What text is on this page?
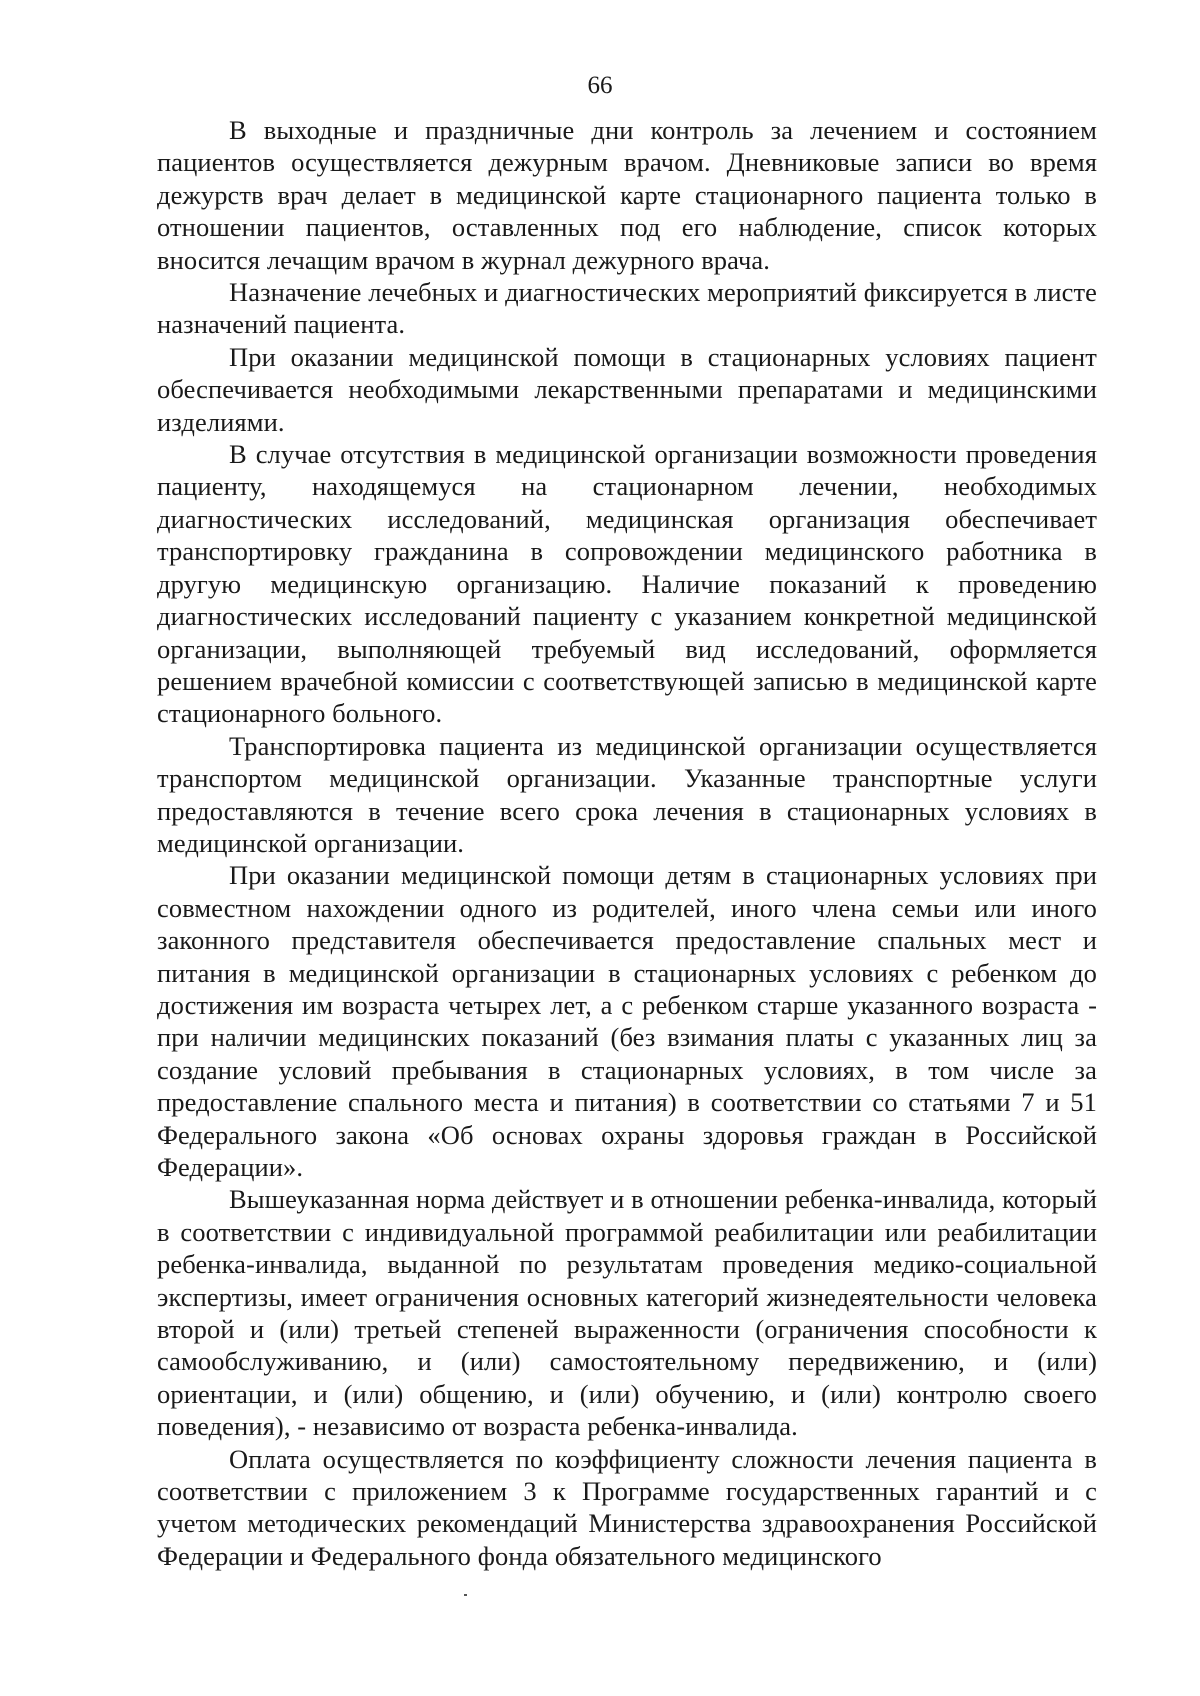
66

В выходные и праздничные дни контроль за лечением и состоянием пациентов осуществляется дежурным врачом. Дневниковые записи во время дежурств врач делает в медицинской карте стационарного пациента только в отношении пациентов, оставленных под его наблюдение, список которых вносится лечащим врачом в журнал дежурного врача.

Назначение лечебных и диагностических мероприятий фиксируется в листе назначений пациента.

При оказании медицинской помощи в стационарных условиях пациент обеспечивается необходимыми лекарственными препаратами и медицинскими изделиями.

В случае отсутствия в медицинской организации возможности проведения пациенту, находящемуся на стационарном лечении, необходимых диагностических исследований, медицинская организация обеспечивает транспортировку гражданина в сопровождении медицинского работника в другую медицинскую организацию. Наличие показаний к проведению диагностических исследований пациенту с указанием конкретной медицинской организации, выполняющей требуемый вид исследований, оформляется решением врачебной комиссии с соответствующей записью в медицинской карте стационарного больного.

Транспортировка пациента из медицинской организации осуществляется транспортом медицинской организации. Указанные транспортные услуги предоставляются в течение всего срока лечения в стационарных условиях в медицинской организации.

При оказании медицинской помощи детям в стационарных условиях при совместном нахождении одного из родителей, иного члена семьи или иного законного представителя обеспечивается предоставление спальных мест и питания в медицинской организации в стационарных условиях с ребенком до достижения им возраста четырех лет, а с ребенком старше указанного возраста - при наличии медицинских показаний (без взимания платы с указанных лиц за создание условий пребывания в стационарных условиях, в том числе за предоставление спального места и питания) в соответствии со статьями 7 и 51 Федерального закона «Об основах охраны здоровья граждан в Российской Федерации».

Вышеуказанная норма действует и в отношении ребенка-инвалида, который в соответствии с индивидуальной программой реабилитации или реабилитации ребенка-инвалида, выданной по результатам проведения медико-социальной экспертизы, имеет ограничения основных категорий жизнедеятельности человека второй и (или) третьей степеней выраженности (ограничения способности к самообслуживанию, и (или) самостоятельному передвижению, и (или) ориентации, и (или) общению, и (или) обучению, и (или) контролю своего поведения), - независимо от возраста ребенка-инвалида.

Оплата осуществляется по коэффициенту сложности лечения пациента в соответствии с приложением 3 к Программе государственных гарантий и с учетом методических рекомендаций Министерства здравоохранения Российской Федерации и Федерального фонда обязательного медицинского
